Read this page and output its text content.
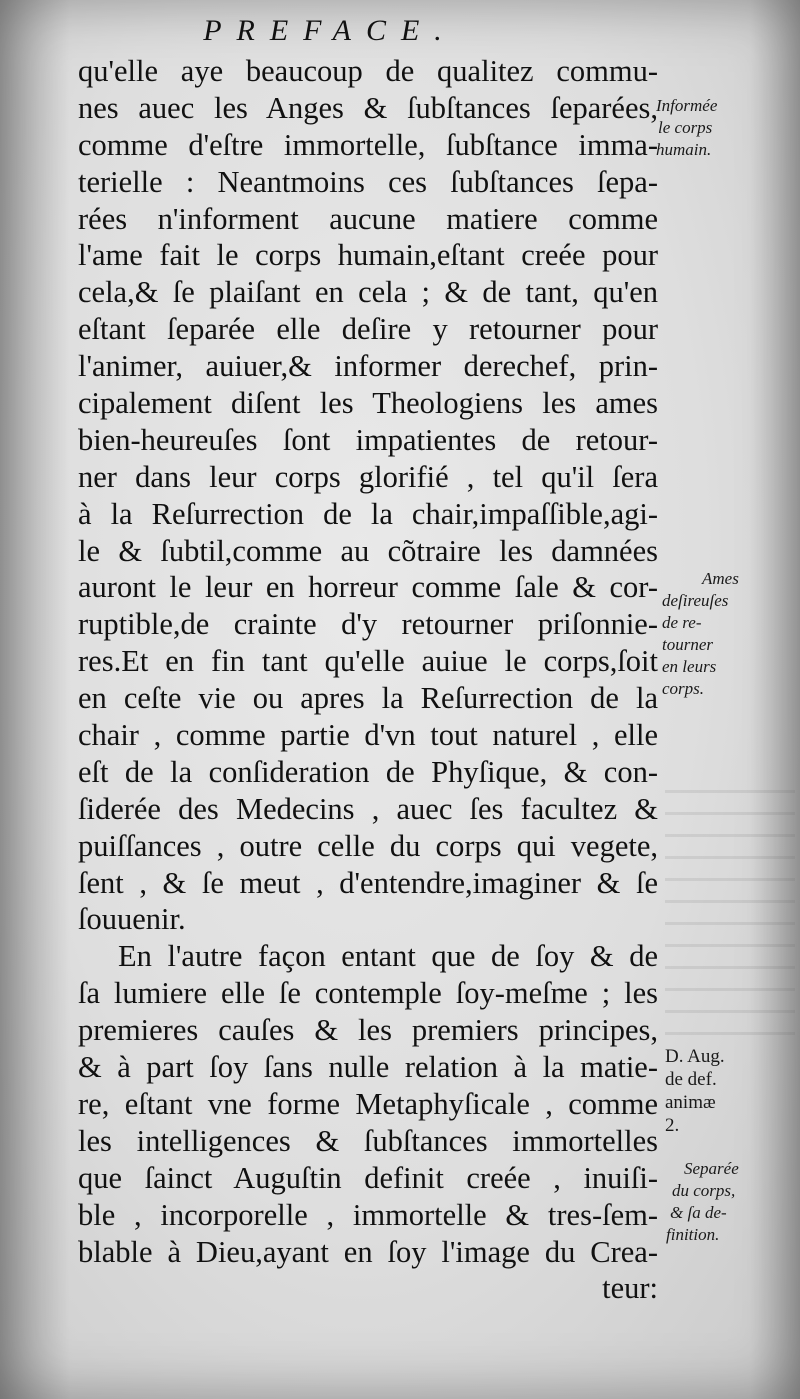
PREFACE.
qu'elle aye beaucoup de qualitez commu-
nes auec les Anges & ſubſtances ſeparées,
comme d'eſtre immortelle, ſubſtance imma-
terielle : Neantmoins ces ſubſtances ſepa-
rées n'informent aucune matiere comme
l'ame fait le corps humain,eſtant creée pour
cela,& ſe plaiſant en cela ; & de tant, qu'en
eſtant ſeparée elle deſire y retourner pour
l'animer, auiuer,& informer derechef, prin-
cipalement diſent les Theologiens les ames
bien-heureuſes ſont impatientes de retour-
ner dans leur corps glorifié , tel qu'il ſera
à la Reſurrection de la chair,impaſſible,agi-
le & ſubtil,comme au cõtraire les damnées
auront le leur en horreur comme ſale & cor-
ruptible,de crainte d'y retourner priſonnie-
res.Et en fin tant qu'elle auiue le corps,ſoit
en ceſte vie ou apres la Reſurrection de la
chair , comme partie d'vn tout naturel , elle
eſt de la conſideration de Phyſique, & con-
ſiderée des Medecins , auec ſes facultez &
puiſſances , outre celle du corps qui vegete,
ſent , & ſe meut , d'entendre,imaginer & ſe
ſouuenir.
En l'autre façon entant que de ſoy & de
ſa lumiere elle ſe contemple ſoy-meſme ; les
premieres cauſes & les premiers principes,
& à part ſoy ſans nulle relation à la matie-
re, eſtant vne forme Metaphyſicale , comme
les intelligences & ſubſtances immortelles
que ſainct Auguſtin definit creée , inuiſi-
ble , incorporelle , immortelle & tres-ſem-
blable à Dieu,ayant en ſoy l'image du Crea-
teur:
Informée
le corps
humain.
Ames
deſireuſes
de re-
tourner
en leurs
corps.
D. Aug.
de def.
animæ
2.
Separée
du corps,
& ſa de-
finition.
